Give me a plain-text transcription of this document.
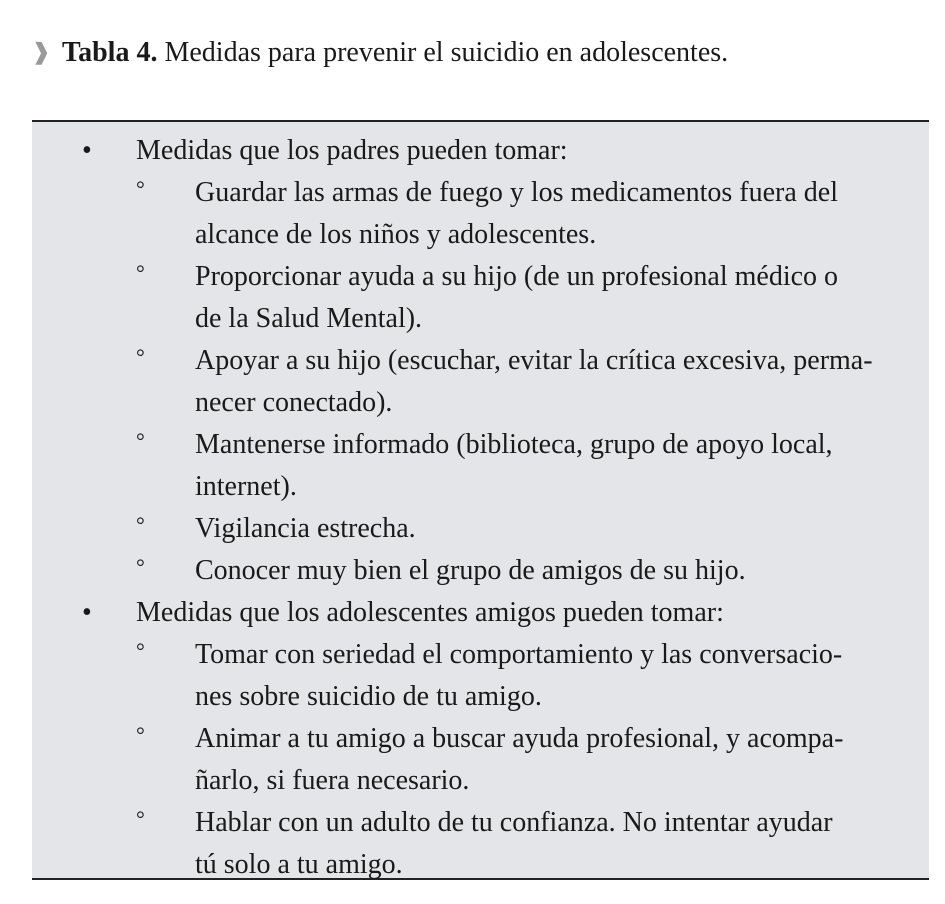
❱ Tabla 4. Medidas para prevenir el suicidio en adolescentes.
• Medidas que los padres pueden tomar:
° Guardar las armas de fuego y los medicamentos fuera del
alcance de los niños y adolescentes.
° Proporcionar ayuda a su hijo (de un profesional médico o
de la Salud Mental).
° Apoyar a su hijo (escuchar, evitar la crítica excesiva, perma-
necer conectado).
° Mantenerse informado (biblioteca, grupo de apoyo local,
internet).
° Vigilancia estrecha.
° Conocer muy bien el grupo de amigos de su hijo.
• Medidas que los adolescentes amigos pueden tomar:
° Tomar con seriedad el comportamiento y las conversacio-
nes sobre suicidio de tu amigo.
° Animar a tu amigo a buscar ayuda profesional, y acompa-
ñarlo, si fuera necesario.
° Hablar con un adulto de tu confianza. No intentar ayudar
tú solo a tu amigo.
